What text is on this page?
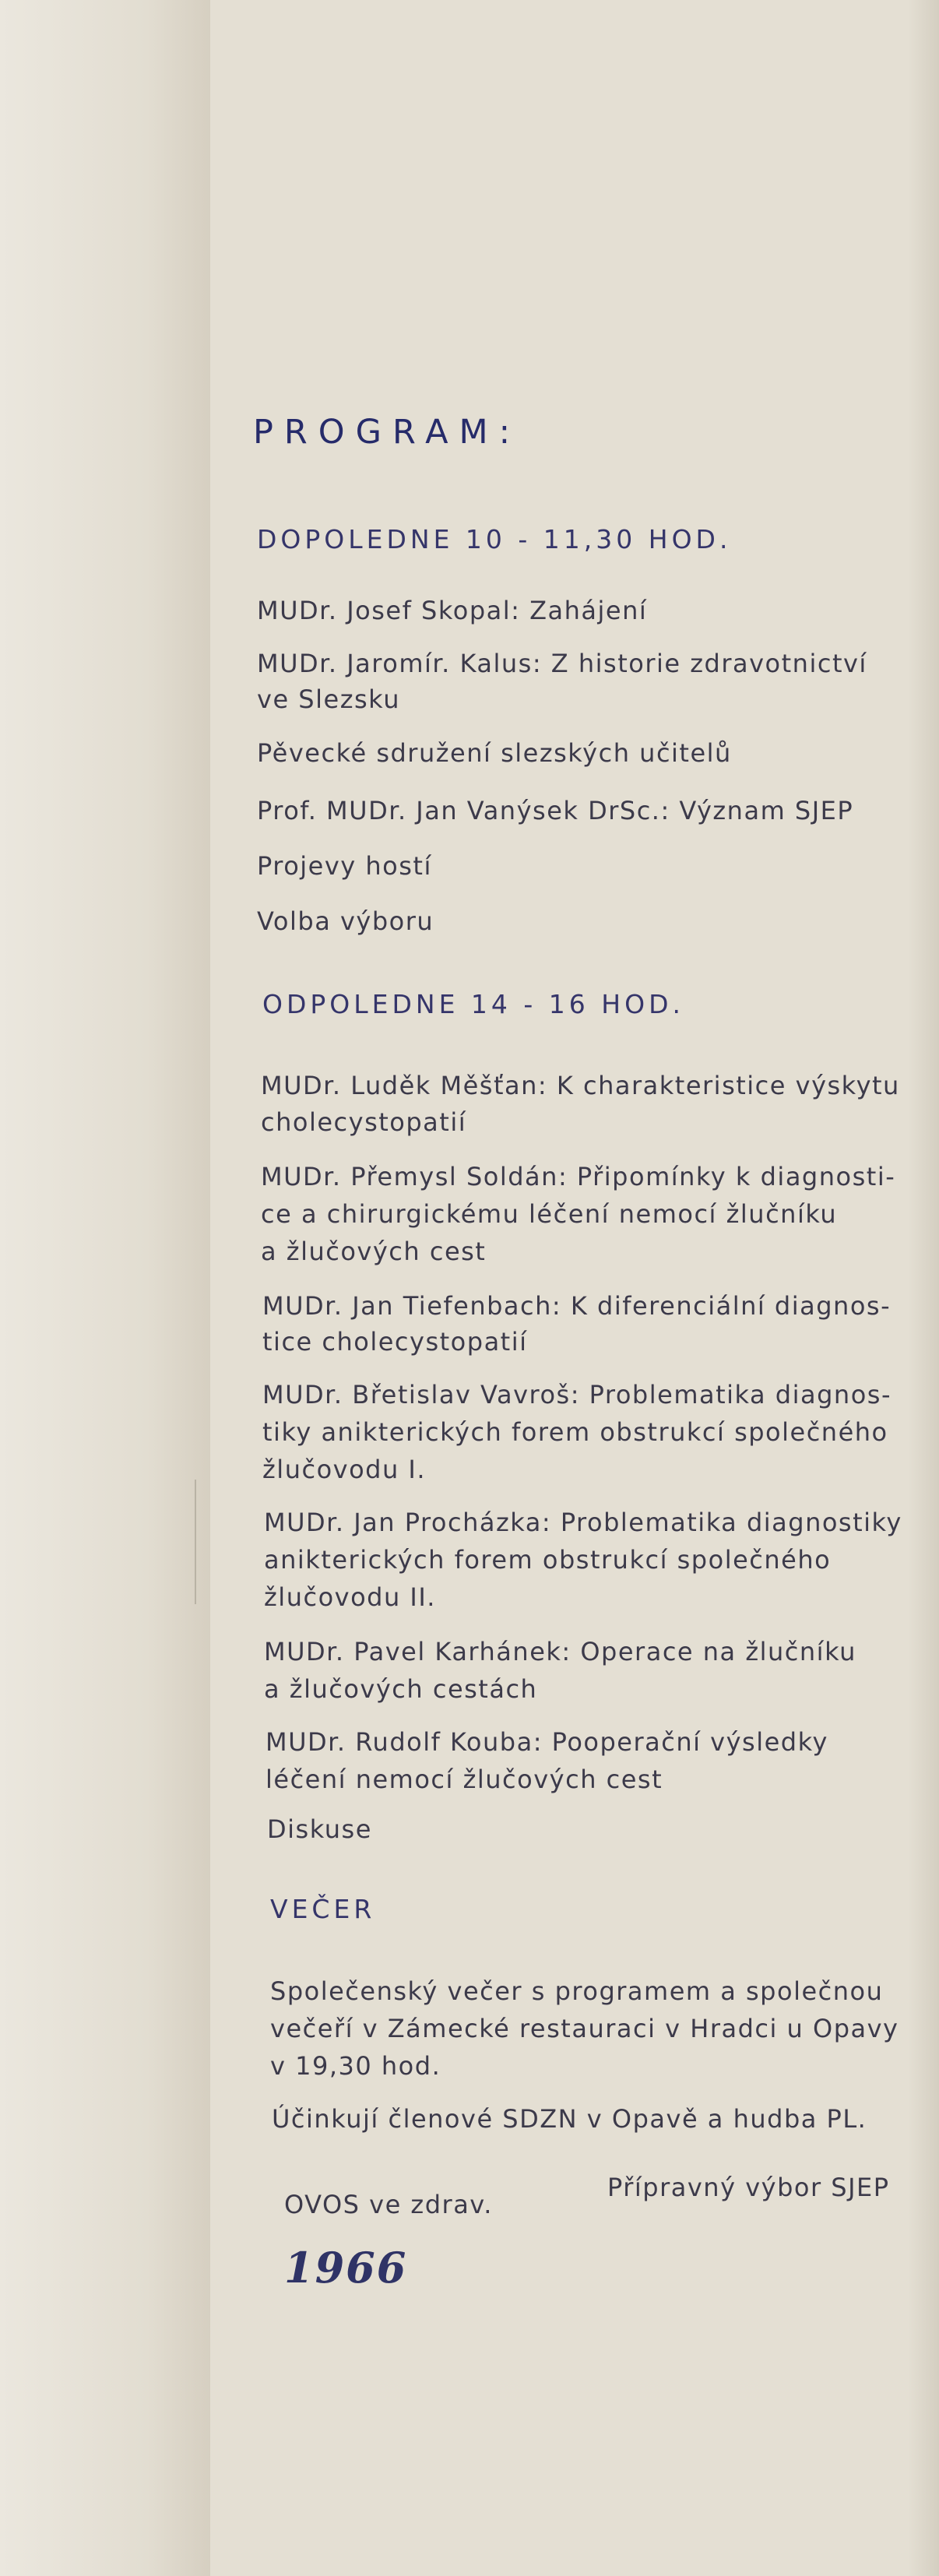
PROGRAM:
DOPOLEDNE 10 - 11,30 HOD.
MUDr. Josef Skopal: Zahájení
MUDr. Jaromír. Kalus: Z historie zdravotnictví
ve Slezsku
Pěvecké sdružení slezských učitelů
Prof. MUDr. Jan Vanýsek DrSc.: Význam SJEP
Projevy hostí
Volba výboru
ODPOLEDNE 14 - 16 HOD.
MUDr. Luděk Měšťan: K charakteristice výskytu
cholecystopatií
MUDr. Přemysl Soldán: Připomínky k diagnosti-
ce a chirurgickému léčení nemocí žlučníku
a žlučových cest
MUDr. Jan Tiefenbach: K diferenciální diagnos-
tice cholecystopatií
MUDr. Břetislav Vavroš: Problematika diagnos-
tiky anikterických forem obstrukcí společného
žlučovodu I.
MUDr. Jan Procházka: Problematika diagnostiky
anikterických forem obstrukcí společného
žlučovodu II.
MUDr. Pavel Karhánek: Operace na žlučníku
a žlučových cestách
MUDr. Rudolf Kouba: Pooperační výsledky
léčení nemocí žlučových cest
Diskuse
VEČER
Společenský večer s programem a společnou
večeří v Zámecké restauraci v Hradci u Opavy
v 19,30 hod.
Účinkují členové SDZN v Opavě a hudba PL.
OVOS ve zdrav.
Přípravný výbor SJEP
1966
